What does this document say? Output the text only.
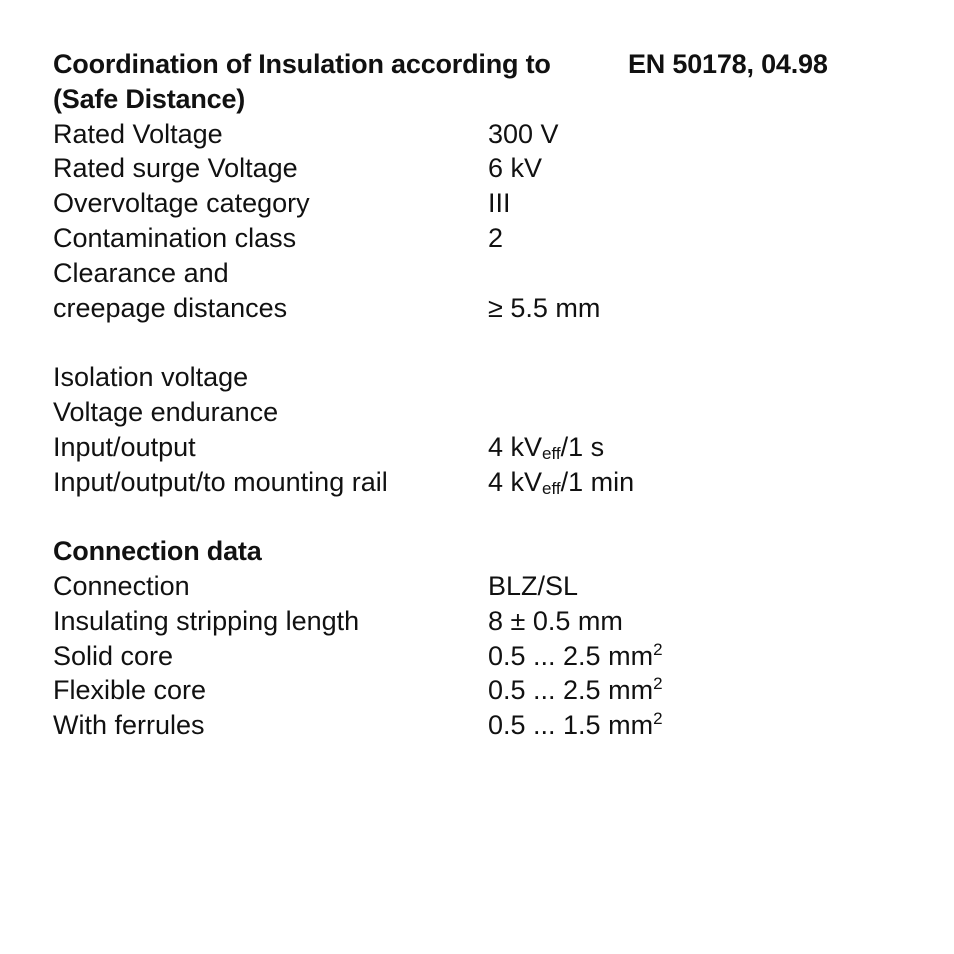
Coordination of Insulation according to	EN 50178, 04.98
(Safe Distance)
Rated Voltage	300 V
Rated surge Voltage	6 kV
Overvoltage category	III
Contamination class	2
Clearance and
creepage distances	≥ 5.5 mm
Isolation voltage
Voltage endurance
Input/output	4 $kV_{eff}/1$ s
Input/output/to mounting rail	4 $kV_{eff}/1$ min
Connection data
Connection	BLZ/SL
Insulating stripping length	8 ± 0.5 mm
Solid core	0.5 ... 2.5 $mm^2$
Flexible core	0.5 ... 2.5 $mm^2$
With ferrules	0.5 ... 1.5 $mm^2$
